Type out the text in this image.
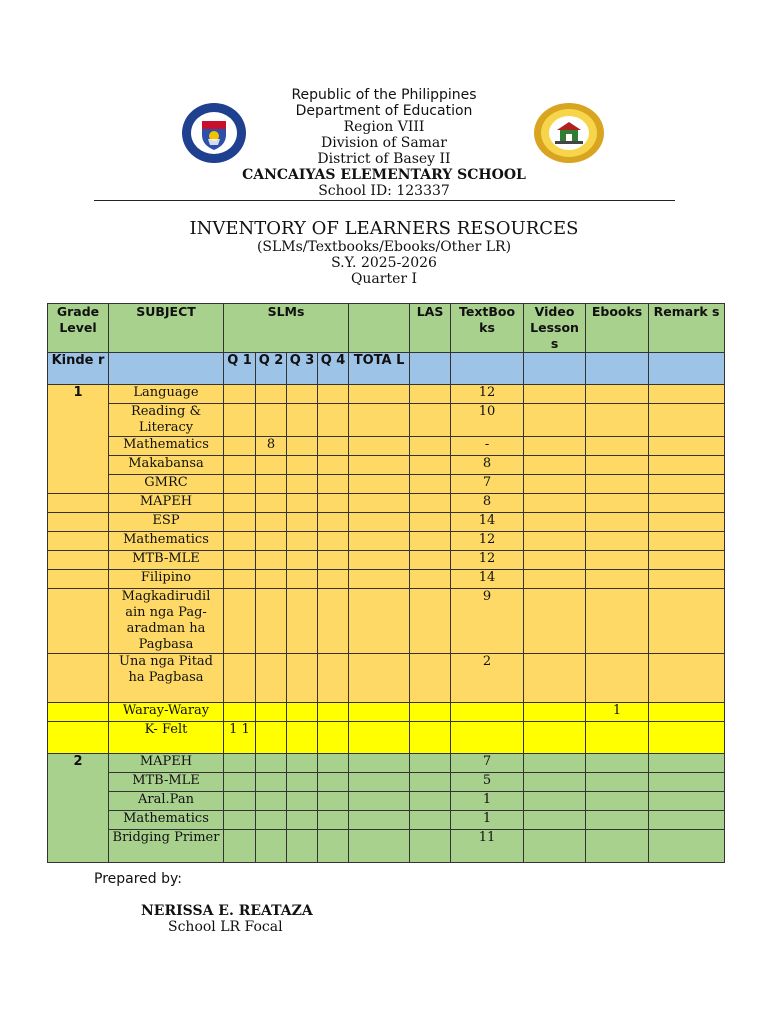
Republic of the Philippines
Department of Education
Region VIII
Division of Samar
District of Basey II
CANCAIYAS ELEMENTARY SCHOOL
School ID: 123337
INVENTORY OF LEARNERS RESOURCES
(SLMs/Textbooks/Ebooks/Other LR)
S.Y. 2025-2026
Quarter I
Grade Level	SUBJECT	SLMs					LAS	TextBoo ks	Video Lesson s	Ebooks	Remark s
Kinde r		Q 1	Q 2	Q 3	Q 4	TOTA L					
1	Language							12			
	Reading & Literacy							10			
	Mathematics		8					-			
	Makabansa							8			
	GMRC							7			
	MAPEH							8			
	ESP							14			
	Mathematics							12			
	MTB-MLE							12			
	Filipino							14			
	Magkadirudil ain nga Pag-aradman ha Pagbasa							9			
	Una nga Pitad ha Pagbasa							2			
	Waray-Waray									1	
	K- Felt	1 1									
2	MAPEH							7			
	MTB-MLE							5			
	Aral.Pan							1			
	Mathematics							1			
	Bridging Primer							11			
Prepared by:
NERISSA E. REATAZA
School LR Focal
